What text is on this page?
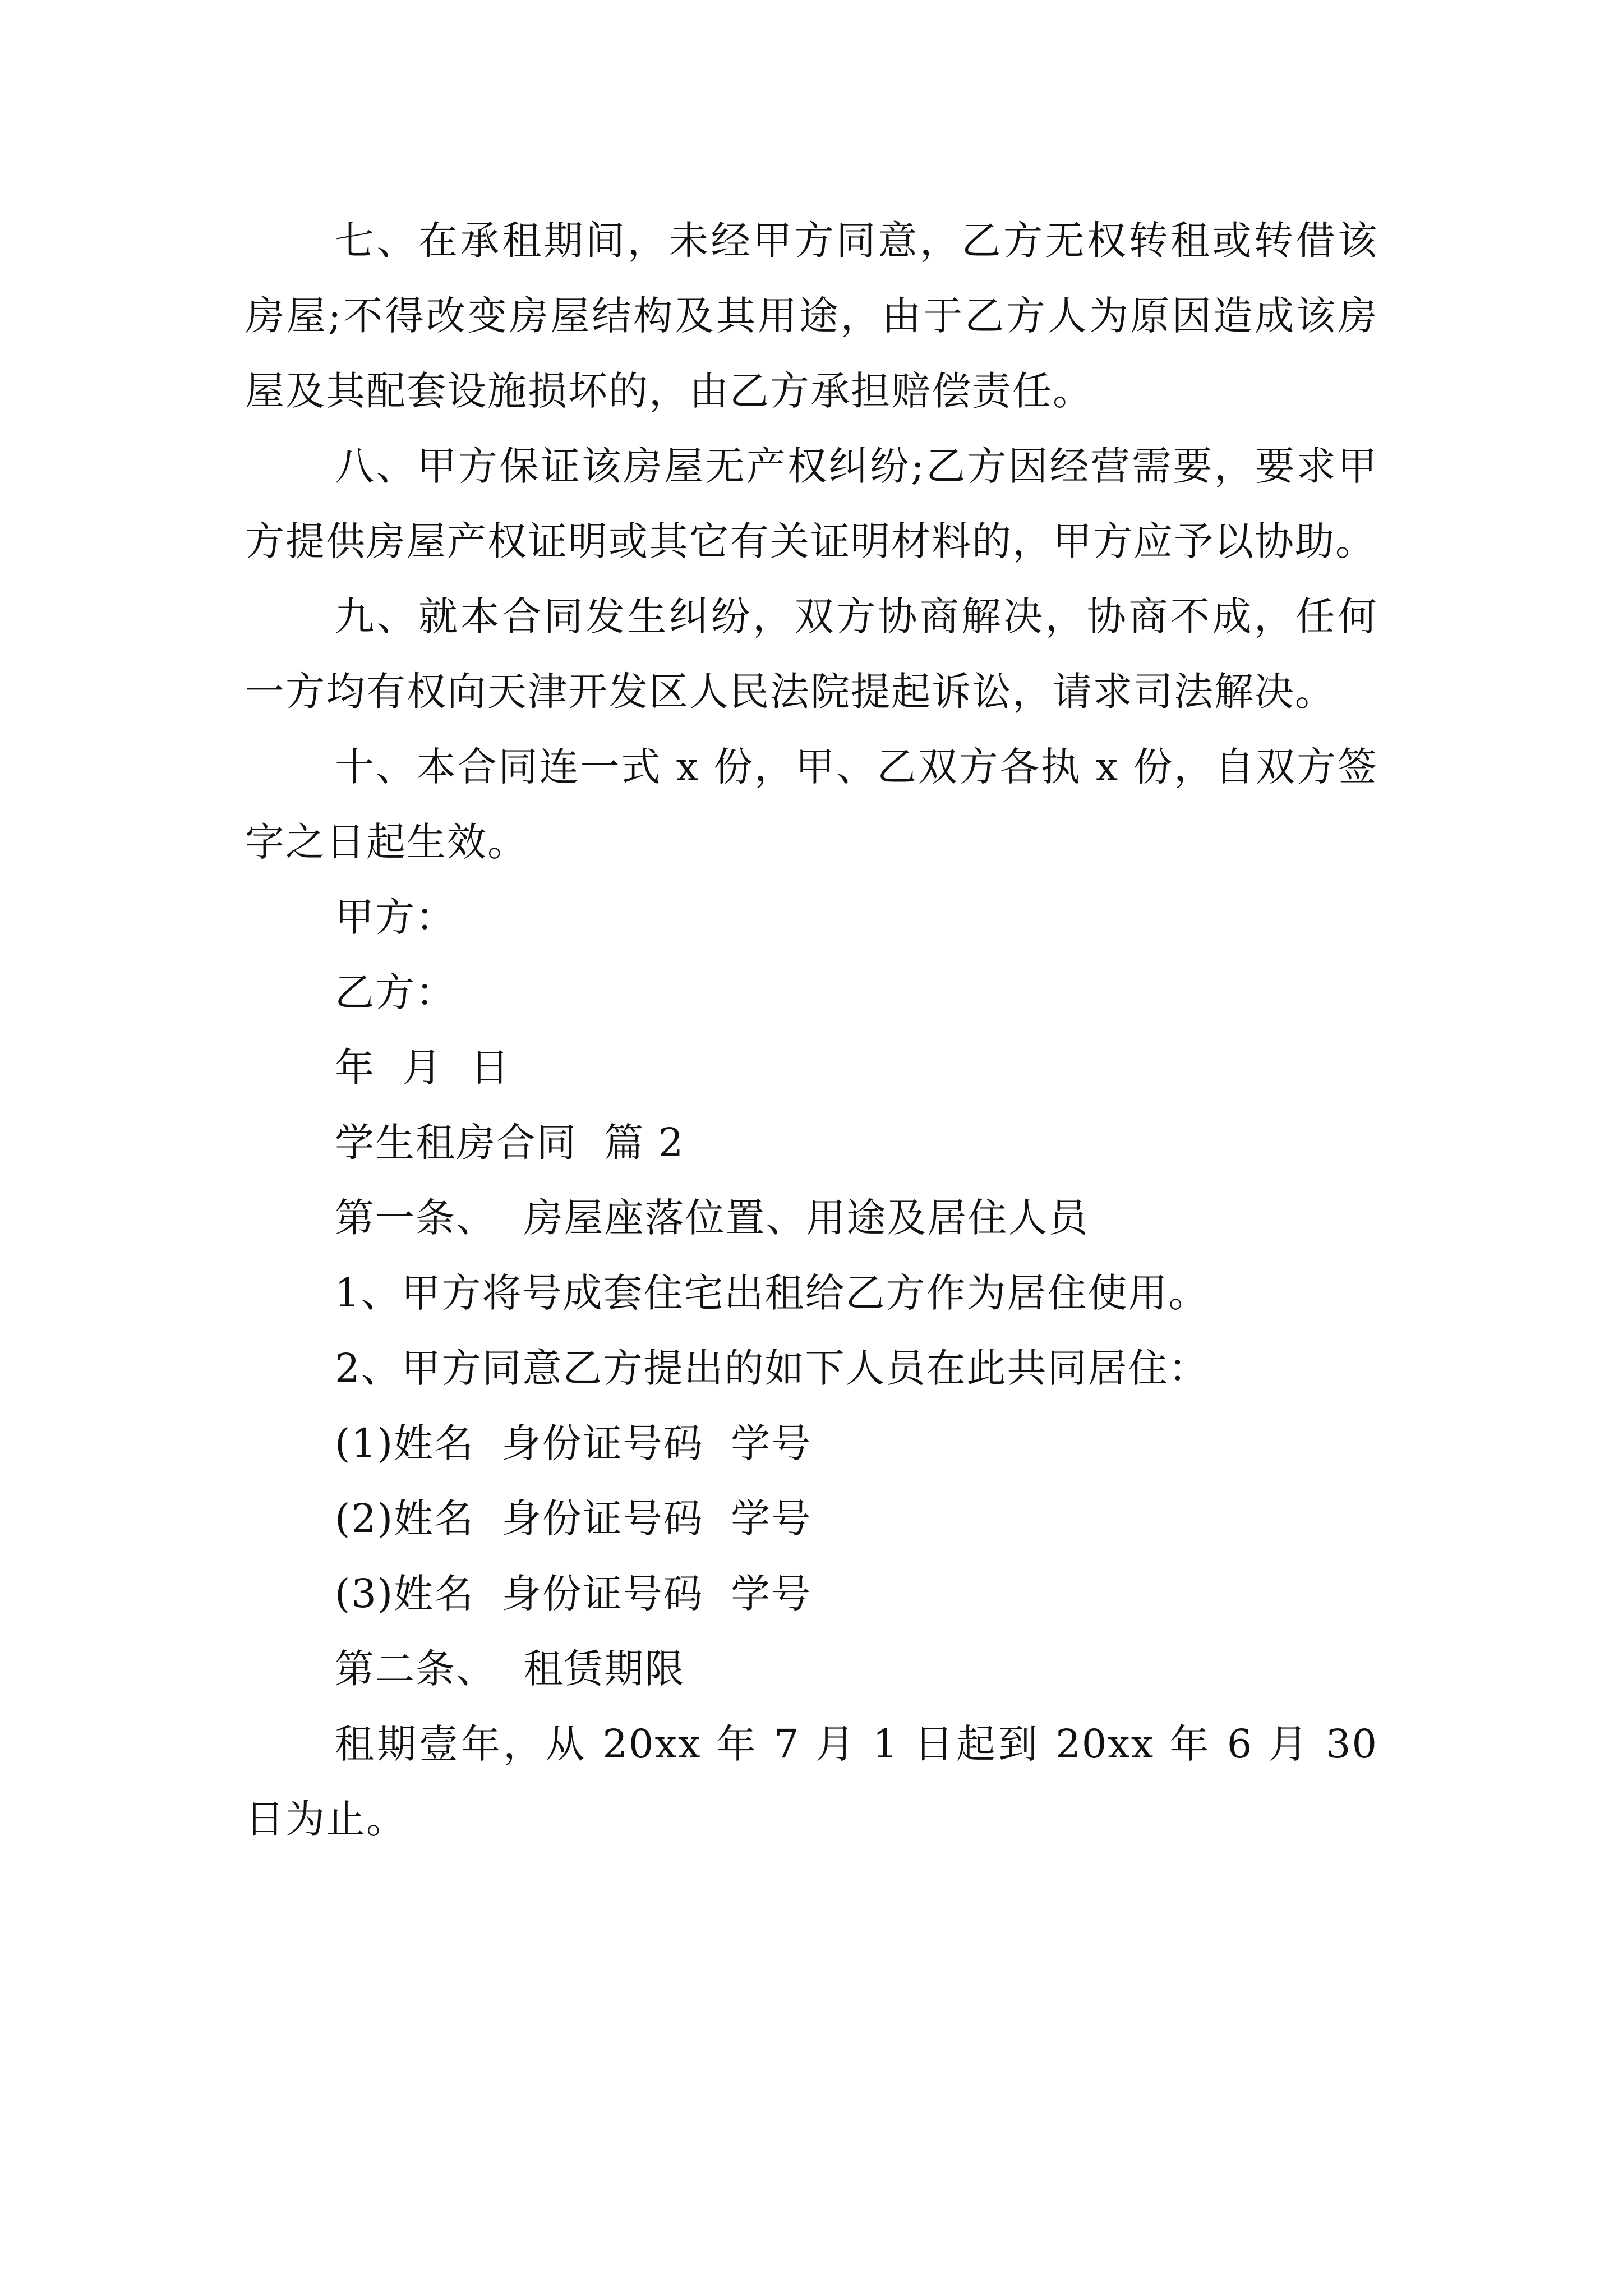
七、在承租期间，未经甲方同意，乙方无权转租或转借该房屋;不得改变房屋结构及其用途，由于乙方人为原因造成该房屋及其配套设施损坏的，由乙方承担赔偿责任。

八、甲方保证该房屋无产权纠纷;乙方因经营需要，要求甲方提供房屋产权证明或其它有关证明材料的，甲方应予以协助。

九、就本合同发生纠纷，双方协商解决，协商不成，任何一方均有权向天津开发区人民法院提起诉讼，请求司法解决。

十、本合同连一式 x 份，甲、乙双方各执 x 份，自双方签字之日起生效。

甲方：

乙方：

年  月  日

学生租房合同  篇 2

第一条、  房屋座落位置、用途及居住人员

1、甲方将号成套住宅出租给乙方作为居住使用。

2、甲方同意乙方提出的如下人员在此共同居住：

(1)姓名  身份证号码  学号

(2)姓名  身份证号码  学号

(3)姓名  身份证号码  学号

第二条、  租赁期限

租期壹年，从 20xx 年 7 月 1 日起到 20xx 年 6 月 30 日为止。
